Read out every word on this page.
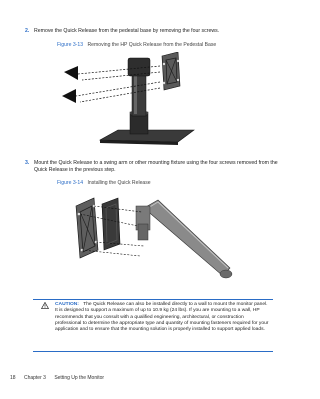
2. Remove the Quick Release from the pedestal base by removing the four screws.
Figure 3-13 Removing the HP Quick Release from the Pedestal Base
3. Mount the Quick Release to a swing arm or other mounting fixture using the four screws removed from the Quick Release in the previous step.
Figure 3-14 Installing the Quick Release
CAUTION: The Quick Release can also be installed directly to a wall to mount the monitor panel. It is designed to support a maximum of up to 10.9 kg (24 lbs). If you are mounting to a wall, HP recommends that you consult with a qualified engineering, architectural, or construction professional to determine the appropriate type and quantity of mounting fasteners required for your application and to ensure that the mounting solution is properly installed to support applied loads.
18 Chapter 3 Setting Up the Monitor
